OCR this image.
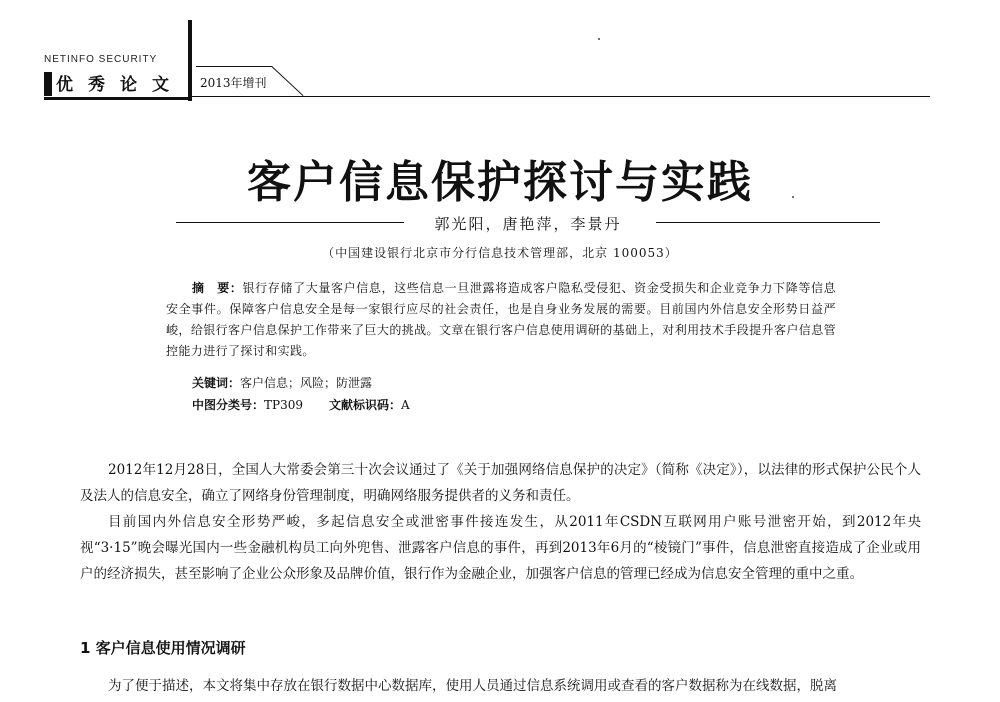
NETINFO SECURITY
优秀论文 2013年增刊
客户信息保护探讨与实践
郭光阳，唐艳萍，李景丹
（中国建设银行北京市分行信息技术管理部，北京 100053）
摘　要：银行存储了大量客户信息，这些信息一旦泄露将造成客户隐私受侵犯、资金受损失和企业竞争力下降等信息安全事件。保障客户信息安全是每一家银行应尽的社会责任，也是自身业务发展的需要。目前国内外信息安全形势日益严峻，给银行客户信息保护工作带来了巨大的挑战。文章在银行客户信息使用调研的基础上，对利用技术手段提升客户信息管控能力进行了探讨和实践。
关键词：客户信息；风险；防泄露
中图分类号：TP309 文献标识码：A

2012年12月28日，全国人大常委会第三十次会议通过了《关于加强网络信息保护的决定》（简称《决定》），以法律的形式保护公民个人及法人的信息安全，确立了网络身份管理制度，明确网络服务提供者的义务和责任。

目前国内外信息安全形势严峻，多起信息安全或泄密事件接连发生，从2011年CSDN互联网用户账号泄密开始，到2012年央视“3·15”晚会曝光国内一些金融机构员工向外兜售、泄露客户信息的事件，再到2013年6月的“棱镜门”事件，信息泄密直接造成了企业或用户的经济损失，甚至影响了企业公众形象及品牌价值，银行作为金融企业，加强客户信息的管理已经成为信息安全管理的重中之重。

1 客户信息使用情况调研

为了便于描述，本文将集中存放在银行数据中心数据库，使用人员通过信息系统调用或查看的客户数据称为在线数据，脱离
